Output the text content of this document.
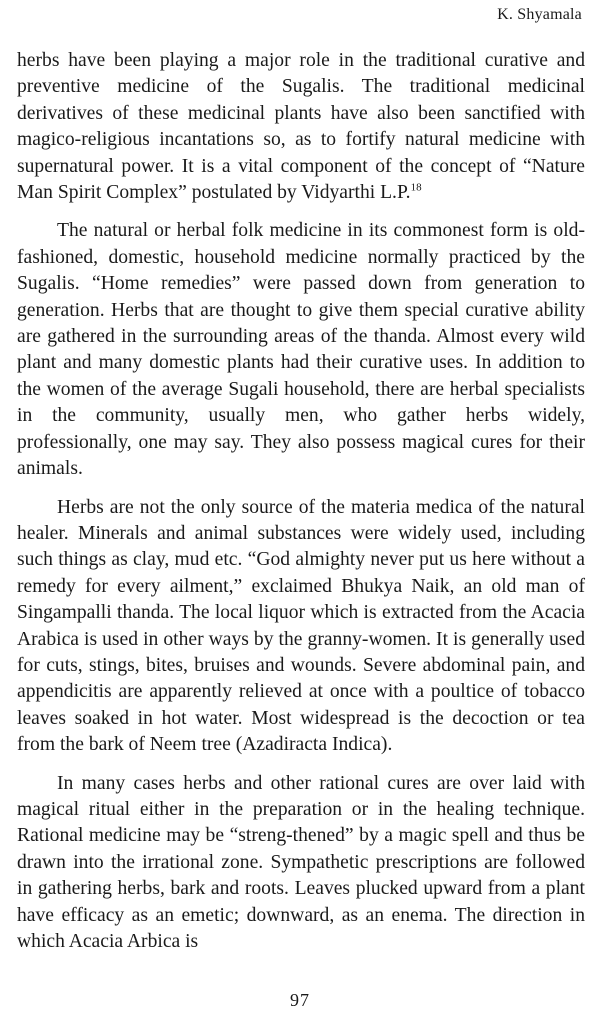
K. Shyamala

herbs have been playing a major role in the traditional curative and preventive medicine of the Sugalis. The traditional medicinal derivatives of these medicinal plants have also been sanctified with magico-religious incantations so, as to fortify natural medicine with supernatural power. It is a vital component of the concept of “Nature Man Spirit Complex” postulated by Vidyarthi L.P.$^{18}$

The natural or herbal folk medicine in its commonest form is old-fashioned, domestic, household medicine normally practiced by the Sugalis. “Home remedies” were passed down from generation to generation. Herbs that are thought to give them special curative ability are gathered in the surrounding areas of the thanda. Almost every wild plant and many domestic plants had their curative uses. In addition to the women of the average Sugali household, there are herbal specialists in the community, usually men, who gather herbs widely, professionally, one may say. They also possess magical cures for their animals.

Herbs are not the only source of the materia medica of the natural healer. Minerals and animal substances were widely used, including such things as clay, mud etc. “God almighty never put us here without a remedy for every ailment,” exclaimed Bhukya Naik, an old man of Singampalli thanda. The local liquor which is extracted from the Acacia Arabica is used in other ways by the granny-women. It is generally used for cuts, stings, bites, bruises and wounds. Severe abdominal pain, and appendicitis are apparently relieved at once with a poultice of tobacco leaves soaked in hot water. Most widespread is the decoction or tea from the bark of Neem tree (Azadiracta Indica).

In many cases herbs and other rational cures are over laid with magical ritual either in the preparation or in the healing technique. Rational medicine may be “streng-thened” by a magic spell and thus be drawn into the irrational zone. Sympathetic prescriptions are followed in gathering herbs, bark and roots. Leaves plucked upward from a plant have efficacy as an emetic; downward, as an enema. The direction in which Acacia Arbica is

97
